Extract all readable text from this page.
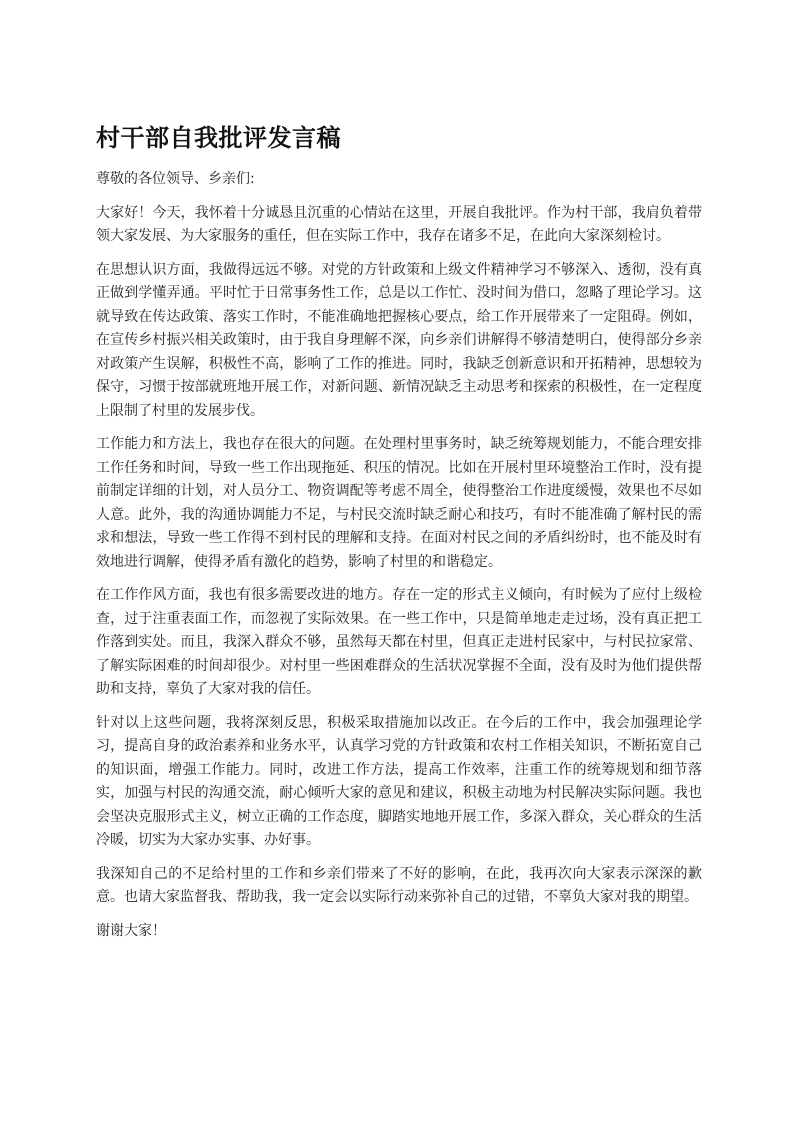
村干部自我批评发言稿

尊敬的各位领导、乡亲们:

大家好！今天，我怀着十分诚恳且沉重的心情站在这里，开展自我批评。作为村干部，我肩负着带领大家发展、为大家服务的重任，但在实际工作中，我存在诸多不足，在此向大家深刻检讨。

在思想认识方面，我做得远远不够。对党的方针政策和上级文件精神学习不够深入、透彻，没有真正做到学懂弄通。平时忙于日常事务性工作，总是以工作忙、没时间为借口，忽略了理论学习。这就导致在传达政策、落实工作时，不能准确地把握核心要点，给工作开展带来了一定阻碍。例如，在宣传乡村振兴相关政策时，由于我自身理解不深，向乡亲们讲解得不够清楚明白，使得部分乡亲对政策产生误解，积极性不高，影响了工作的推进。同时，我缺乏创新意识和开拓精神，思想较为保守，习惯于按部就班地开展工作，对新问题、新情况缺乏主动思考和探索的积极性，在一定程度上限制了村里的发展步伐。

工作能力和方法上，我也存在很大的问题。在处理村里事务时，缺乏统筹规划能力，不能合理安排工作任务和时间，导致一些工作出现拖延、积压的情况。比如在开展村里环境整治工作时，没有提前制定详细的计划，对人员分工、物资调配等考虑不周全，使得整治工作进度缓慢，效果也不尽如人意。此外，我的沟通协调能力不足，与村民交流时缺乏耐心和技巧，有时不能准确了解村民的需求和想法，导致一些工作得不到村民的理解和支持。在面对村民之间的矛盾纠纷时，也不能及时有效地进行调解，使得矛盾有激化的趋势，影响了村里的和谐稳定。

在工作作风方面，我也有很多需要改进的地方。存在一定的形式主义倾向，有时候为了应付上级检查，过于注重表面工作，而忽视了实际效果。在一些工作中，只是简单地走走过场，没有真正把工作落到实处。而且，我深入群众不够，虽然每天都在村里，但真正走进村民家中，与村民拉家常、了解实际困难的时间却很少。对村里一些困难群众的生活状况掌握不全面，没有及时为他们提供帮助和支持，辜负了大家对我的信任。

针对以上这些问题，我将深刻反思，积极采取措施加以改正。在今后的工作中，我会加强理论学习，提高自身的政治素养和业务水平，认真学习党的方针政策和农村工作相关知识，不断拓宽自己的知识面，增强工作能力。同时，改进工作方法，提高工作效率，注重工作的统筹规划和细节落实，加强与村民的沟通交流，耐心倾听大家的意见和建议，积极主动地为村民解决实际问题。我也会坚决克服形式主义，树立正确的工作态度，脚踏实地地开展工作，多深入群众，关心群众的生活冷暖，切实为大家办实事、办好事。

我深知自己的不足给村里的工作和乡亲们带来了不好的影响，在此，我再次向大家表示深深的歉意。也请大家监督我、帮助我，我一定会以实际行动来弥补自己的过错，不辜负大家对我的期望。

谢谢大家！
